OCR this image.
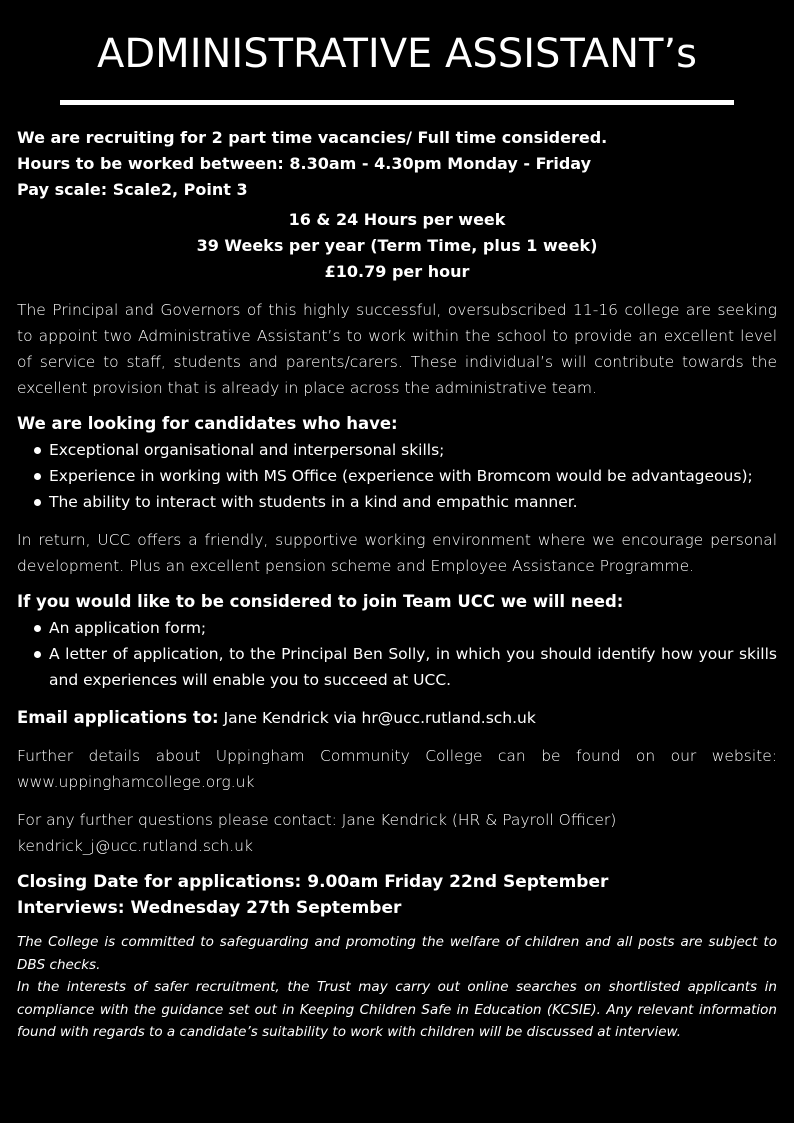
ADMINISTRATIVE ASSISTANT’s
We are recruiting for 2 part time vacancies/ Full time considered.
Hours to be worked between: 8.30am - 4.30pm Monday - Friday
Pay scale: Scale2, Point 3
16 & 24 Hours per week
39 Weeks per year (Term Time, plus 1 week)
£10.79 per hour
The Principal and Governors of this highly successful, oversubscribed 11-16 college are seeking to appoint two Administrative Assistant’s to work within the school to provide an excellent level of service to staff, students and parents/carers. These individual’s will contribute towards the excellent provision that is already in place across the administrative team.
We are looking for candidates who have:
Exceptional organisational and interpersonal skills;
Experience in working with MS Office (experience with Bromcom would be advantageous);
The ability to interact with students in a kind and empathic manner.
In return, UCC offers a friendly, supportive working environment where we encourage personal development. Plus an excellent pension scheme and Employee Assistance Programme.
If you would like to be considered to join Team UCC we will need:
An application form;
A letter of application, to the Principal Ben Solly, in which you should identify how your skills and experiences will enable you to succeed at UCC.
Email applications to: Jane Kendrick via hr@ucc.rutland.sch.uk
Further details about Uppingham Community College can be found on our website: www.uppinghamcollege.org.uk
For any further questions please contact: Jane Kendrick (HR & Payroll Officer)
kendrick_j@ucc.rutland.sch.uk
Closing Date for applications: 9.00am Friday 22nd September
Interviews: Wednesday 27th September
The College is committed to safeguarding and promoting the welfare of children and all posts are subject to DBS checks.
In the interests of safer recruitment, the Trust may carry out online searches on shortlisted applicants in compliance with the guidance set out in Keeping Children Safe in Education (KCSIE). Any relevant information found with regards to a candidate’s suitability to work with children will be discussed at interview.
